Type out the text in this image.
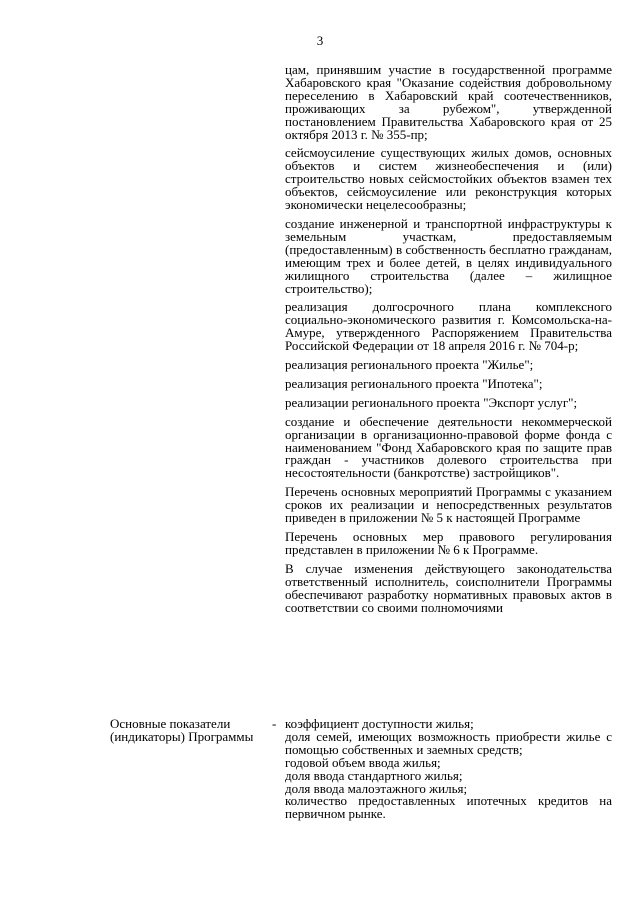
3

цам, принявшим участие в государственной программе Хабаровского края "Оказание содействия добровольному переселению в Хабаровский край соотечественников, проживающих за рубежом", утвержденной постановлением Правительства Хабаровского края от 25 октября 2013 г. № 355-пр;

сейсмоусиление существующих жилых домов, основных объектов и систем жизнеобеспечения и (или) строительство новых сейсмостойких объектов взамен тех объектов, сейсмоусиление или реконструкция которых экономически нецелесообразны;

создание инженерной и транспортной инфраструктуры к земельным участкам, предоставляемым (предоставленным) в собственность бесплатно гражданам, имеющим трех и более детей, в целях индивидуального жилищного строительства (далее – жилищное строительство);

реализация долгосрочного плана комплексного социально-экономического развития г. Комсомольска-на-Амуре, утвержденного Распоряжением Правительства Российской Федерации от 18 апреля 2016 г. № 704-р;

реализация регионального проекта "Жилье";

реализация регионального проекта "Ипотека";

реализации регионального проекта "Экспорт услуг";

создание и обеспечение деятельности некоммерческой организации в организационно-правовой форме фонда с наименованием "Фонд Хабаровского края по защите прав граждан - участников долевого строительства при несостоятельности (банкротстве) застройщиков".

Перечень основных мероприятий Программы с указанием сроков их реализации и непосредственных результатов приведен в приложении № 5 к настоящей Программе

Перечень основных мер правового регулирования представлен в приложении № 6 к Программе.

В случае изменения действующего законодательства ответственный исполнитель, соисполнители Программы обеспечивают разработку нормативных правовых актов в соответствии со своими полномочиями

Основные показатели (индикаторы) Программы
- коэффициент доступности жилья;
доля семей, имеющих возможность приобрести жилье с помощью собственных и заемных средств;
годовой объем ввода жилья;
доля ввода стандартного жилья;
доля ввода малоэтажного жилья;
количество предоставленных ипотечных кредитов на первичном рынке.
